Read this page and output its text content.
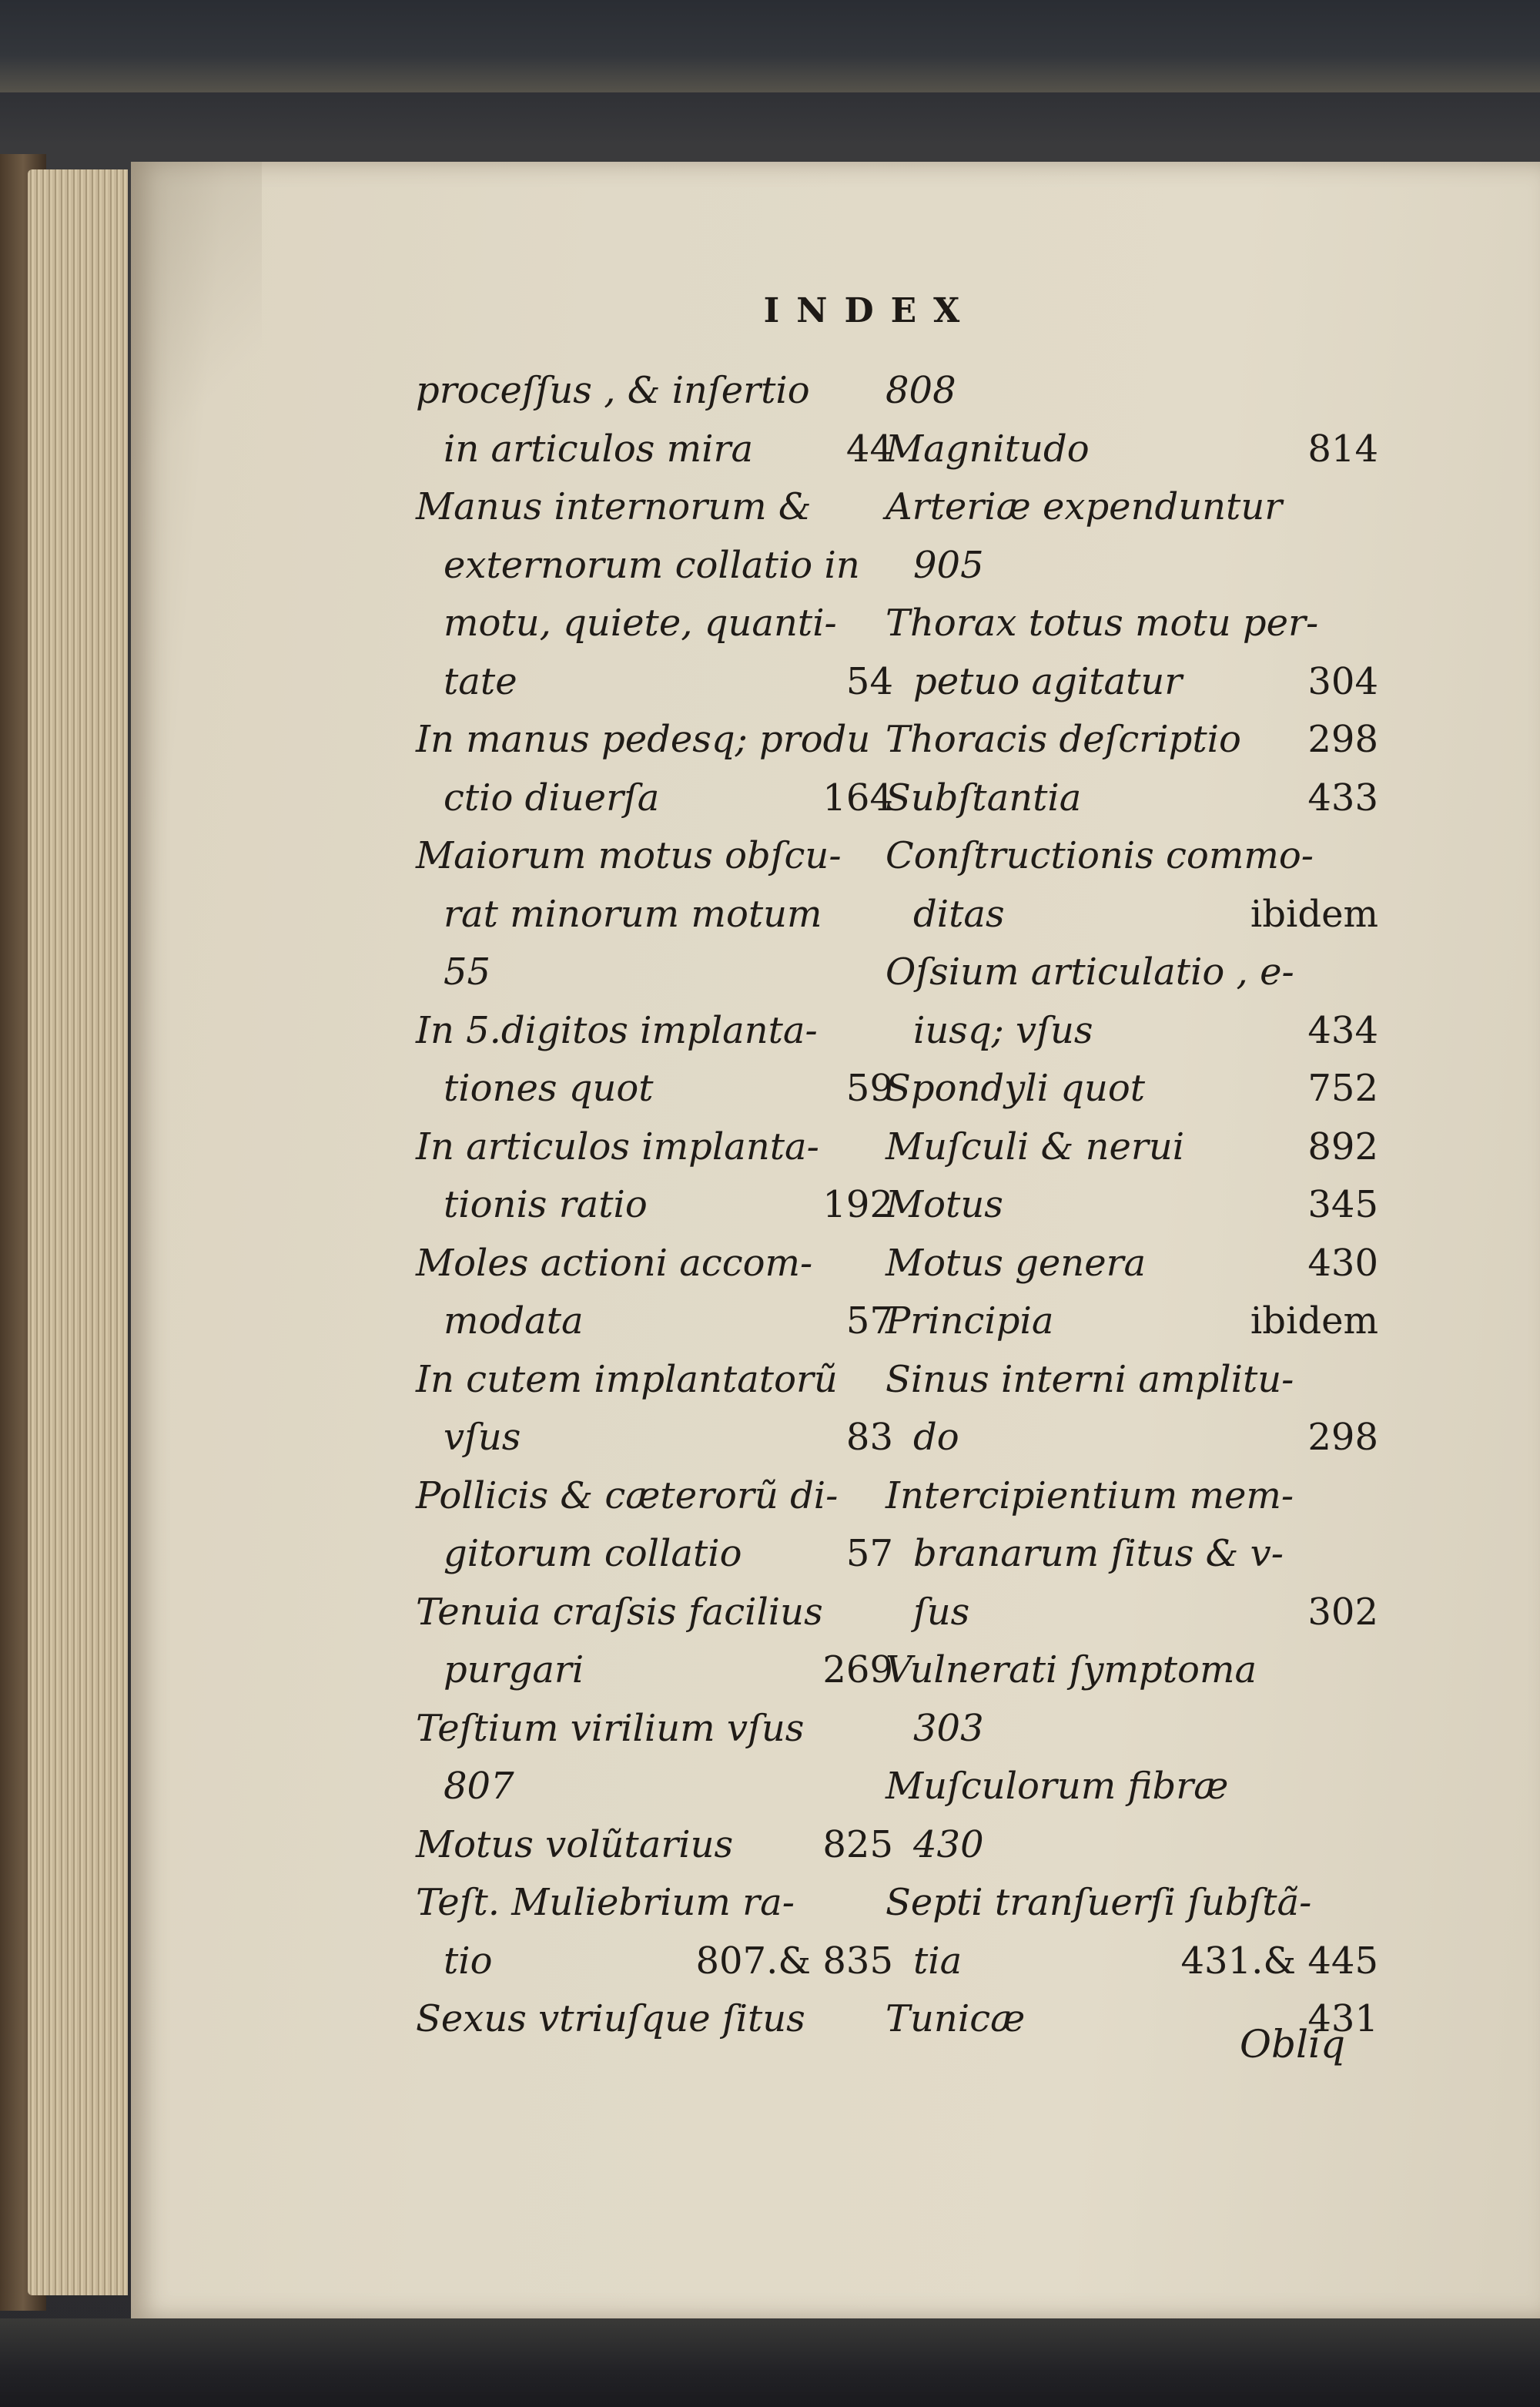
INDEX
proceſſus , & inſertio
in articulos mira	44
Manus internorum &
externorum collatio in
motu, quiete, quanti-
tate	54
In manus pedesq; produ
ctio diuerſa	164
Maiorum motus obſcu-
rat minorum motum
55
In 5.digitos implanta-
tiones quot	59
In articulos implanta-
tionis ratio	192
Moles actioni accom-
modata	57
In cutem implantatorũ
vſus	83
Pollicis & cæterorũ di-
gitorum collatio	57
Tenuia craſsis facilius
purgari	269
Teſtium virilium vſus
807
Motus volũtarius 825
Teſt. Muliebrium ra-
tio	807.& 835
Sexus vtriuſque ſitus
808
Magnitudo	814
Arteriæ expenduntur
905
Thorax totus motu per-
petuo agitatur	304
Thoracis deſcriptio 298
Subſtantia	433
Conſtructionis commo-
ditas	ibidem
Oſsium articulatio , e-
iusq; vſus	434
Spondyli quot	752
Muſculi & nerui	892
Motus	345
Motus genera	430
Principia	ibidem
Sinus interni amplitu-
do	298
Intercipientium mem-
branarum ſitus & v-
ſus	302
Vulnerati ſymptoma
303
Muſculorum fibræ
430
Septi tranſuerſi ſubſtã-
tia	431.& 445
Tunicæ	431
Obliq
